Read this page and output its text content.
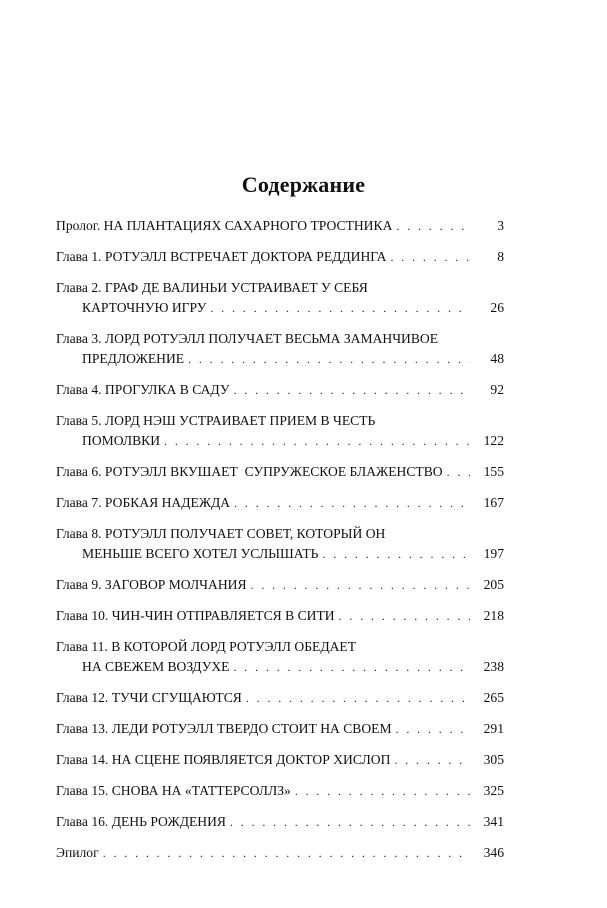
Содержание
Пролог. НА ПЛАНТАЦИЯХ САХАРНОГО ТРОСТНИКА . . .	3
Глава 1. РОТУЭЛЛ ВСТРЕЧАЕТ ДОКТОРА РЕДДИНГА . . .	8
Глава 2. ГРАФ ДЕ ВАЛИНЬИ УСТРАИВАЕТ У СЕБЯ
КАРТОЧНУЮ ИГРУ . . .	26
Глава 3. ЛОРД РОТУЭЛЛ ПОЛУЧАЕТ ВЕСЬМА ЗАМАНЧИВОЕ
ПРЕДЛОЖЕНИЕ . . .	48
Глава 4. ПРОГУЛКА В САДУ . . .	92
Глава 5. ЛОРД НЭШ УСТРАИВАЕТ ПРИЕМ В ЧЕСТЬ
ПОМОЛВКИ . . .	122
Глава 6. РОТУЭЛЛ ВКУШАЕТ  СУПРУЖЕСКОЕ БЛАЖЕНСТВО . . .	155
Глава 7. РОБКАЯ НАДЕЖДА . . .	167
Глава 8. РОТУЭЛЛ ПОЛУЧАЕТ СОВЕТ, КОТОРЫЙ ОН
МЕНЬШЕ ВСЕГО ХОТЕЛ УСЛЫШАТЬ . . .	197
Глава 9. ЗАГОВОР МОЛЧАНИЯ . . .	205
Глава 10. ЧИН-ЧИН ОТПРАВЛЯЕТСЯ В СИТИ . . .	218
Глава 11. В КОТОРОЙ ЛОРД РОТУЭЛЛ ОБЕДАЕТ
НА СВЕЖЕМ ВОЗДУХЕ . . .	238
Глава 12. ТУЧИ СГУЩАЮТСЯ . . .	265
Глава 13. ЛЕДИ РОТУЭЛЛ ТВЕРДО СТОИТ НА СВОЕМ . . .	291
Глава 14. НА СЦЕНЕ ПОЯВЛЯЕТСЯ ДОКТОР ХИСЛОП . . .	305
Глава 15. СНОВА НА «ТАТТЕРСОЛЛЗ» . . .	325
Глава 16. ДЕНЬ РОЖДЕНИЯ . . .	341
Эпилог . . .	346
